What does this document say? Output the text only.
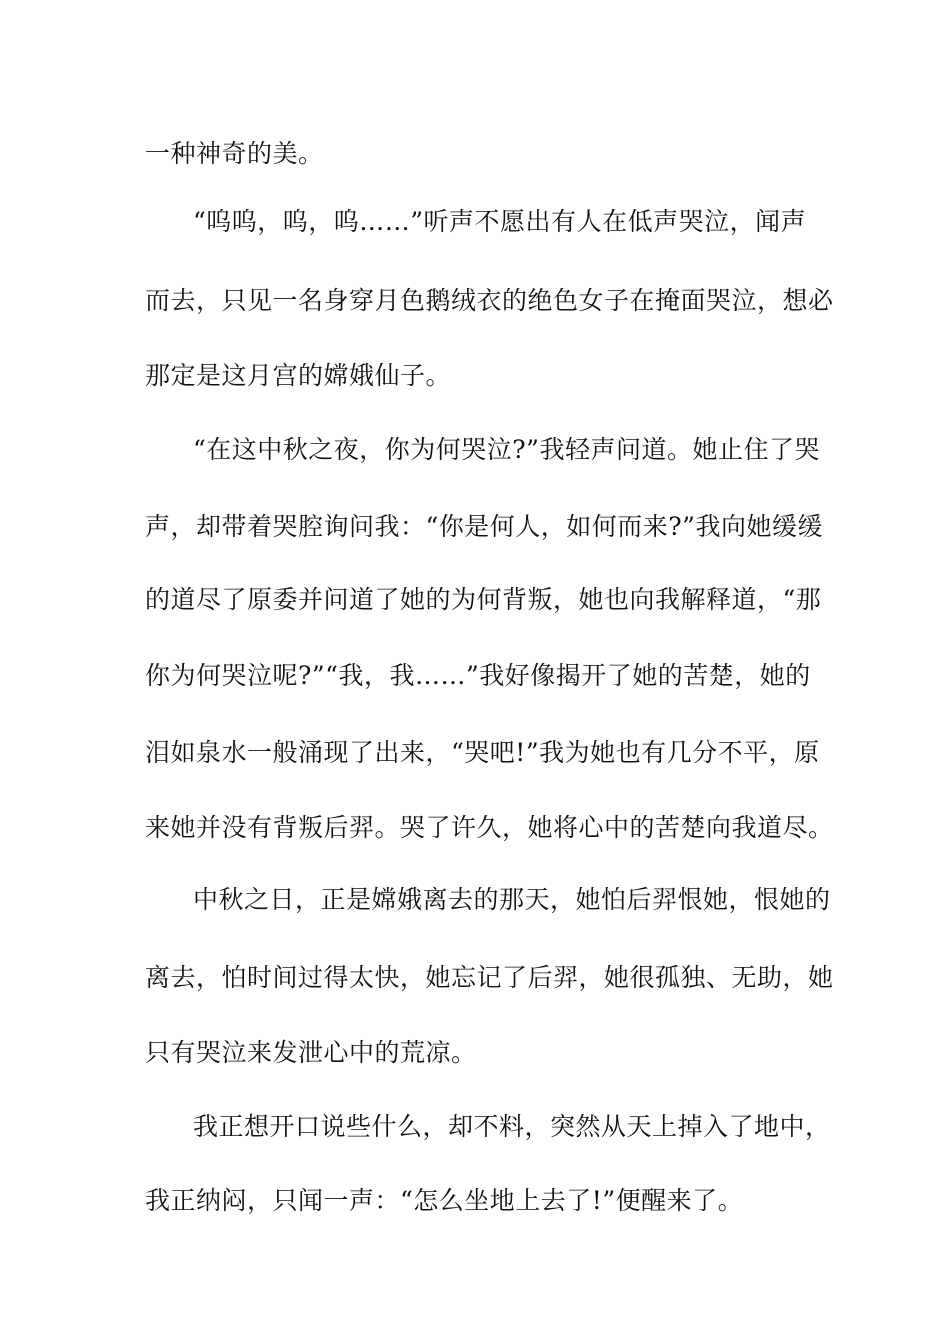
一种神奇的美。
“呜呜，呜，呜……”听声不愿出有人在低声哭泣，闻声
而去，只见一名身穿月色鹅绒衣的绝色女子在掩面哭泣，想必
那定是这月宫的嫦娥仙子。
“在这中秋之夜，你为何哭泣?”我轻声问道。她止住了哭
声，却带着哭腔询问我：“你是何人，如何而来?”我向她缓缓
的道尽了原委并问道了她的为何背叛，她也向我解释道，“那
你为何哭泣呢?”“我，我……”我好像揭开了她的苦楚，她的
泪如泉水一般涌现了出来，“哭吧!”我为她也有几分不平，原
来她并没有背叛后羿。哭了许久，她将心中的苦楚向我道尽。
中秋之日，正是嫦娥离去的那天，她怕后羿恨她，恨她的
离去，怕时间过得太快，她忘记了后羿，她很孤独、无助，她
只有哭泣来发泄心中的荒凉。
我正想开口说些什么，却不料，突然从天上掉入了地中，
我正纳闷，只闻一声：“怎么坐地上去了!”便醒来了。
